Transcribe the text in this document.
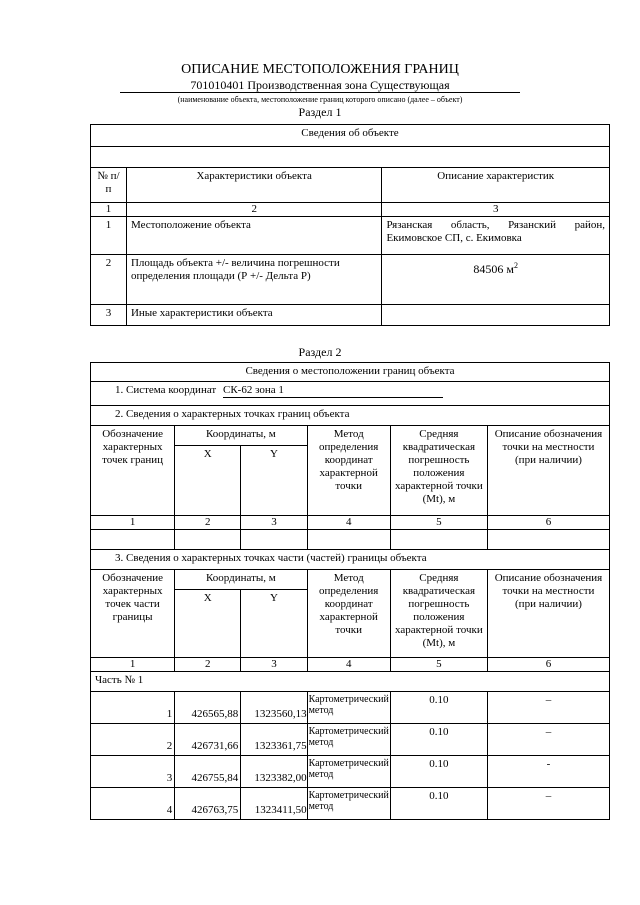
ОПИСАНИЕ МЕСТОПОЛОЖЕНИЯ ГРАНИЦ
701010401 Производственная зона Существующая
(наименование объекта, местоположение границ которого описано (далее – объект)
Раздел 1
Сведения об объекте		

№ п/п	Характеристики объекта	Описание характеристик
1	2	3
1	Местоположение объекта	Рязанская область, Рязанский район, Екимовское СП, с. Екимовка
2	Площадь объекта +/- величина погрешности определения площади (Р +/- Дельта Р)	84506 $м^2$
3	Иные характеристики объекта	
Раздел 2
Сведения о местоположении границ объекта					
1. Система координат СК-62 зона 1					
2. Сведения о характерных точках границ объекта					
Обозначение характерных точек границ	Координаты, м		Метод определения координат характерной точки	Средняя квадратическая погрешность положения характерной точки (Mt), м	Описание обозначения точки на местности (при наличии)
	X	Y			
1	2	3	4	5	6

3. Сведения о характерных точках части (частей) границы объекта					
Обозначение характерных точек части границы	Координаты, м		Метод определения координат характерной точки	Средняя квадратическая погрешность положения характерной точки (Mt), м	Описание обозначения точки на местности (при наличии)
	X	Y			
1	2	3	4	5	6
Часть № 1					
1	426565,88	1323560,13	Картометрический метод	0.10	–
2	426731,66	1323361,75	Картометрический метод	0.10	–
3	426755,84	1323382,00	Картометрический метод	0.10	-
4	426763,75	1323411,50	Картометрический метод	0.10	–
